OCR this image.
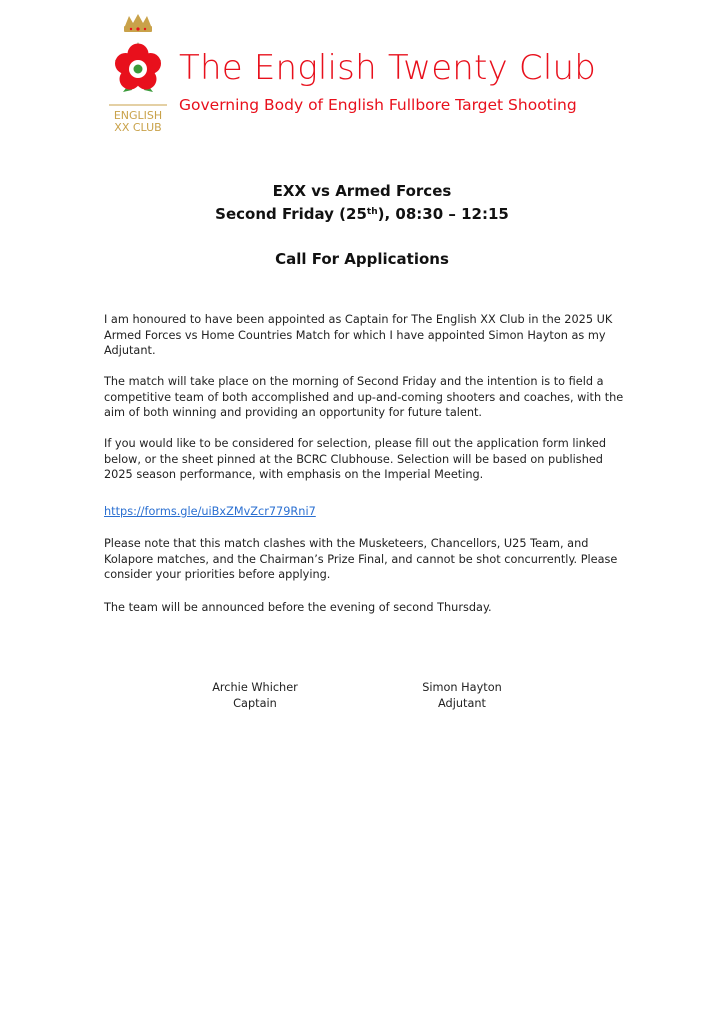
ENGLISH
XX CLUB
The English Twenty Club
Governing Body of English Fullbore Target Shooting
EXX vs Armed Forces
Second Friday (25th), 08:30 – 12:15
Call For Applications
I am honoured to have been appointed as Captain for The English XX Club in the 2025 UK Armed Forces vs Home Countries Match for which I have appointed Simon Hayton as my Adjutant.
The match will take place on the morning of Second Friday and the intention is to field a competitive team of both accomplished and up-and-coming shooters and coaches, with the aim of both winning and providing an opportunity for future talent.
If you would like to be considered for selection, please fill out the application form linked below, or the sheet pinned at the BCRC Clubhouse. Selection will be based on published 2025 season performance, with emphasis on the Imperial Meeting.
https://forms.gle/uiBxZMvZcr779Rni7
Please note that this match clashes with the Musketeers, Chancellors, U25 Team, and Kolapore matches, and the Chairman’s Prize Final, and cannot be shot concurrently. Please consider your priorities before applying.
The team will be announced before the evening of second Thursday.
Archie Whicher
Captain
Simon Hayton
Adjutant
